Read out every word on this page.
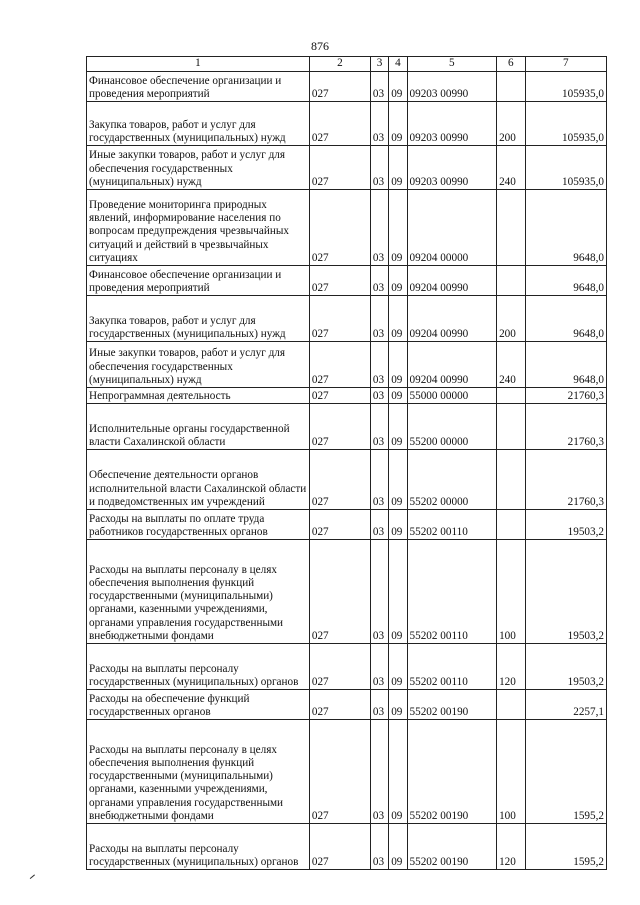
876
1	2	3	4	5	6	7
Финансовое обеспечение организации и проведения мероприятий	027	03	09	09203 00990		105935,0
Закупка товаров, работ и услуг для государственных (муниципальных) нужд	027	03	09	09203 00990	200	105935,0
Иные закупки товаров, работ и услуг для обеспечения государственных (муниципальных) нужд	027	03	09	09203 00990	240	105935,0
Проведение мониторинга природных явлений, информирование населения по вопросам предупреждения чрезвычайных ситуаций и действий в чрезвычайных ситуациях	027	03	09	09204 00000		9648,0
Финансовое обеспечение организации и проведения мероприятий	027	03	09	09204 00990		9648,0
Закупка товаров, работ и услуг для государственных (муниципальных) нужд	027	03	09	09204 00990	200	9648,0
Иные закупки товаров, работ и услуг для обеспечения государственных (муниципальных) нужд	027	03	09	09204 00990	240	9648,0
Непрограммная деятельность	027	03	09	55000 00000		21760,3
Исполнительные органы государственной власти Сахалинской области	027	03	09	55200 00000		21760,3
Обеспечение деятельности органов исполнительной власти Сахалинской области и подведомственных им учреждений	027	03	09	55202 00000		21760,3
Расходы на выплаты по оплате труда работников государственных органов	027	03	09	55202 00110		19503,2
Расходы на выплаты персоналу в целях обеспечения выполнения функций государственными (муниципальными) органами, казенными учреждениями, органами управления государственными внебюджетными фондами	027	03	09	55202 00110	100	19503,2
Расходы на выплаты персоналу государственных (муниципальных) органов	027	03	09	55202 00110	120	19503,2
Расходы на обеспечение функций государственных органов	027	03	09	55202 00190		2257,1
Расходы на выплаты персоналу в целях обеспечения выполнения функций государственными (муниципальными) органами, казенными учреждениями, органами управления государственными внебюджетными фондами	027	03	09	55202 00190	100	1595,2
Расходы на выплаты персоналу государственных (муниципальных) органов	027	03	09	55202 00190	120	1595,2
